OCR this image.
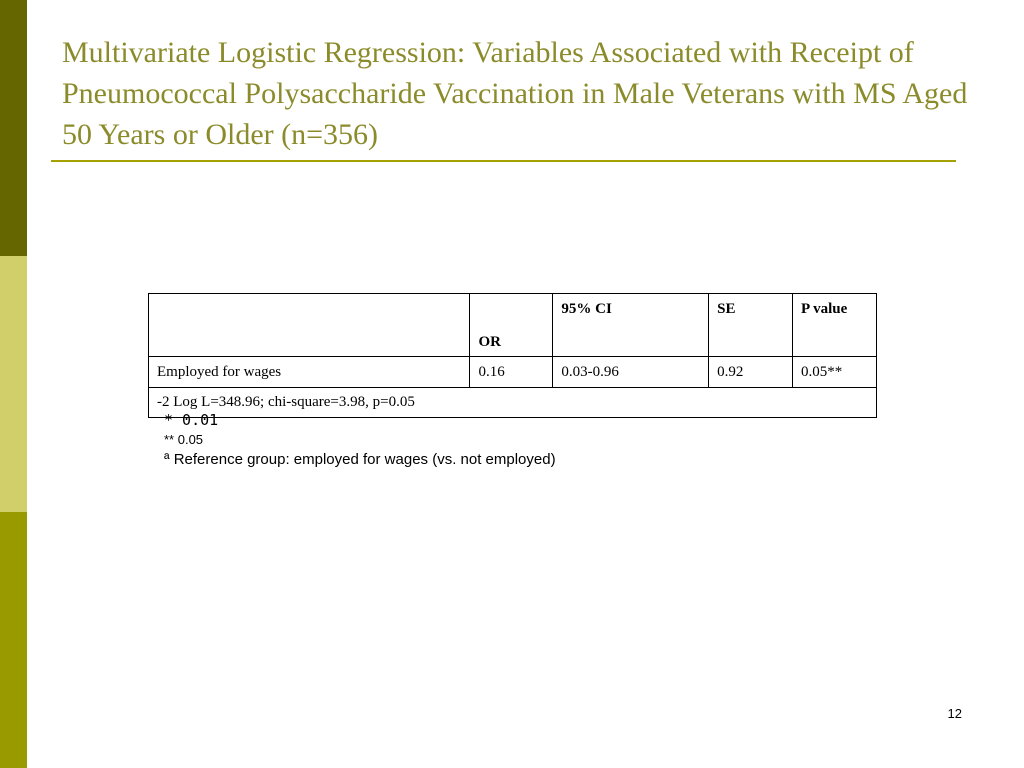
Multivariate Logistic Regression: Variables Associated with Receipt of Pneumococcal Polysaccharide Vaccination in Male Veterans with MS Aged 50 Years or Older (n=356)
	OR	95% CI	SE	P value
Employed for wages	0.16	0.03-0.96	0.92	0.05**
-2 Log L=348.96; chi-square=3.98, p=0.05				
* 0.01
** 0.05
ª Reference group: employed for wages (vs. not employed)
12
